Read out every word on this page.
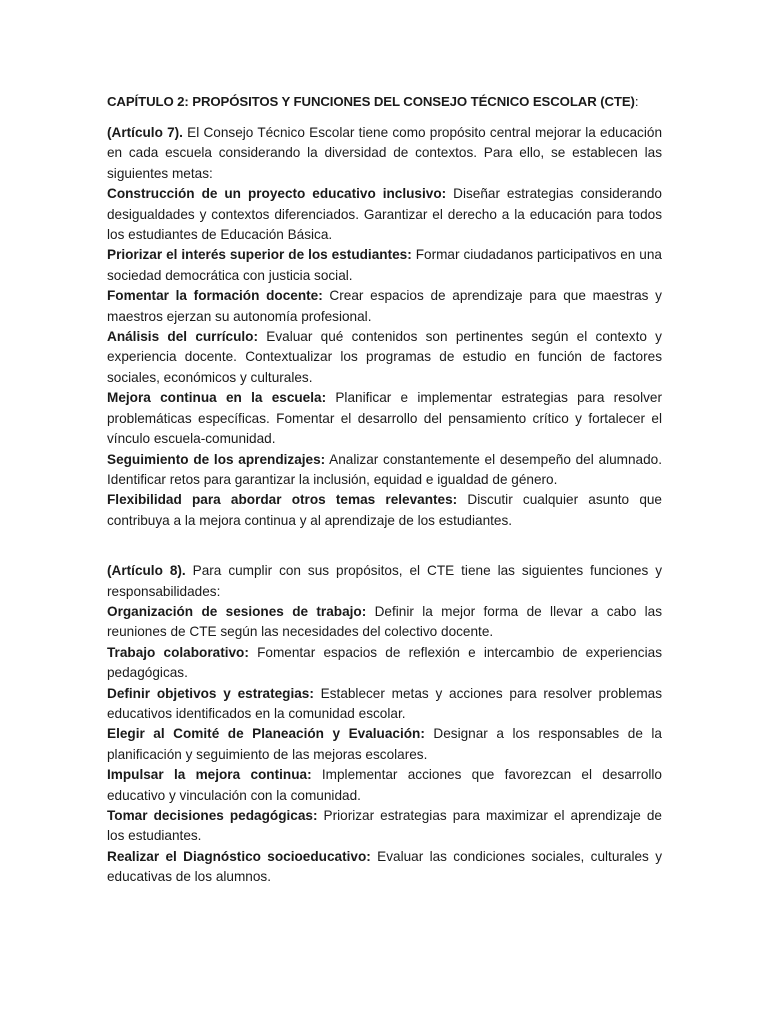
CAPÍTULO 2: PROPÓSITOS Y FUNCIONES DEL CONSEJO TÉCNICO ESCOLAR (CTE):

(Artículo 7). El Consejo Técnico Escolar tiene como propósito central mejorar la educación en cada escuela considerando la diversidad de contextos. Para ello, se establecen las siguientes metas:

Construcción de un proyecto educativo inclusivo: Diseñar estrategias considerando desigualdades y contextos diferenciados. Garantizar el derecho a la educación para todos los estudiantes de Educación Básica.

Priorizar el interés superior de los estudiantes: Formar ciudadanos participativos en una sociedad democrática con justicia social.

Fomentar la formación docente: Crear espacios de aprendizaje para que maestras y maestros ejerzan su autonomía profesional.

Análisis del currículo: Evaluar qué contenidos son pertinentes según el contexto y experiencia docente. Contextualizar los programas de estudio en función de factores sociales, económicos y culturales.

Mejora continua en la escuela: Planificar e implementar estrategias para resolver problemáticas específicas. Fomentar el desarrollo del pensamiento crítico y fortalecer el vínculo escuela-comunidad.

Seguimiento de los aprendizajes: Analizar constantemente el desempeño del alumnado. Identificar retos para garantizar la inclusión, equidad e igualdad de género.

Flexibilidad para abordar otros temas relevantes: Discutir cualquier asunto que contribuya a la mejora continua y al aprendizaje de los estudiantes.

(Artículo 8). Para cumplir con sus propósitos, el CTE tiene las siguientes funciones y responsabilidades:

Organización de sesiones de trabajo: Definir la mejor forma de llevar a cabo las reuniones de CTE según las necesidades del colectivo docente.

Trabajo colaborativo: Fomentar espacios de reflexión e intercambio de experiencias pedagógicas.

Definir objetivos y estrategias: Establecer metas y acciones para resolver problemas educativos identificados en la comunidad escolar.

Elegir al Comité de Planeación y Evaluación: Designar a los responsables de la planificación y seguimiento de las mejoras escolares.

Impulsar la mejora continua: Implementar acciones que favorezcan el desarrollo educativo y vinculación con la comunidad.

Tomar decisiones pedagógicas: Priorizar estrategias para maximizar el aprendizaje de los estudiantes.

Realizar el Diagnóstico socioeducativo: Evaluar las condiciones sociales, culturales y educativas de los alumnos.
